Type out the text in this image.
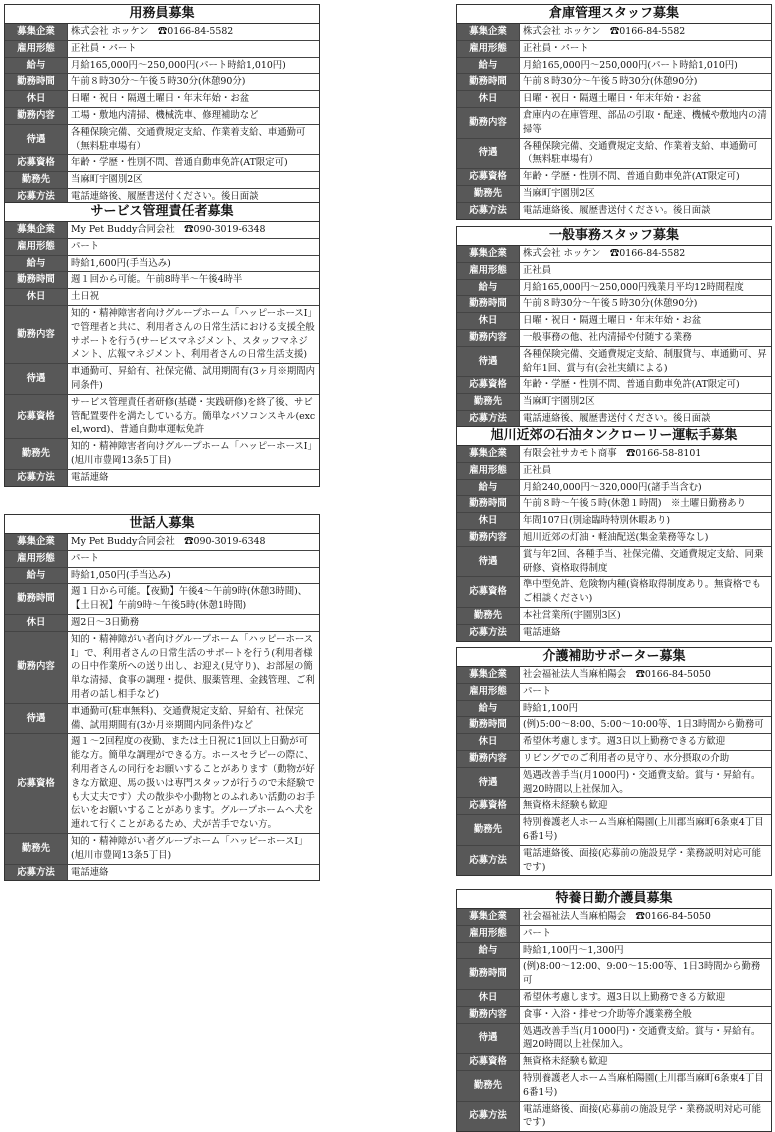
用務員募集
募集企業	株式会社 ホッケン　☎0166-84-5582
雇用形態	正社員・パート
給与	月給165,000円〜250,000円(パート時給1,010円)
勤務時間	午前８時30分〜午後５時30分(休憩90分)
休日	日曜・祝日・隔週土曜日・年末年始・お盆
勤務内容	工場・敷地内清掃、機械洗車、修理補助など
待遇	各種保険完備、交通費規定支給、作業着支給、車通勤可（無料駐車場有）
応募資格	年齢・学歴・性別不問、普通自動車免許(AT限定可)
勤務先	当麻町宇園別2区
応募方法	電話連絡後、履歴書送付ください。後日面談
サービス管理責任者募集
募集企業	My Pet Buddy合同会社　☎090-3019-6348
雇用形態	パート
給与	時給1,600円(手当込み)
勤務時間	週１回から可能。午前8時半〜午後4時半
休日	土日祝
勤務内容	知的・精神障害者向けグループホーム「ハッピーホースⅠ」で管理者と共に、利用者さんの日常生活における支援全般サポートを行う(サービスマネジメント、スタッフマネジメント、広報マネジメント、利用者さんの日常生活支援)
待遇	車通勤可、昇給有、社保完備、試用期間有(3ヶ月※期間内同条件)
応募資格	サービス管理責任者研修(基礎・実践研修)を終了後、サビ管配置要件を満たしている方。簡単なパソコンスキル(excel,word)、普通自動車運転免許
勤務先	知的・精神障害者向けグループホーム「ハッピーホースⅠ」(旭川市豊岡13条5丁目)
応募方法	電話連絡
世話人募集
募集企業	My Pet Buddy合同会社　☎090-3019-6348
雇用形態	パート
給与	時給1,050円(手当込み)
勤務時間	週１日から可能。【夜勤】午後4〜午前9時(休憩3時間)、【土日祝】午前9時〜午後5時(休憩1時間)
休日	週2日〜3日勤務
勤務内容	知的・精神障がい者向けグループホーム「ハッピーホースⅠ」で、利用者さんの日常生活のサポートを行う(利用者様の日中作業所への送り出し、お迎え(見守り)、お部屋の簡単な清掃、食事の調理・提供、服薬管理、金銭管理、ご利用者の話し相手など)
待遇	車通勤可(駐車無料)、交通費規定支給、昇給有、社保完備、試用期間有(3か月※期間内同条件)など
応募資格	週１〜2回程度の夜勤、または土日祝に1回以上日勤が可能な方。簡単な調理ができる方。ホースセラピーの際に、利用者さんの同行をお願いすることがあります（動物が好きな方歓迎、馬の扱いは専門スタッフが行うので未経験でも大丈夫です）犬の散歩や小動物とのふれあい活動のお手伝いをお願いすることがあります。グループホームへ犬を連れて行くことがあるため、犬が苦手でない方。
勤務先	知的・精神障がい者グループホーム「ハッピーホースⅠ」(旭川市豊岡13条5丁目)
応募方法	電話連絡
倉庫管理スタッフ募集
募集企業	株式会社 ホッケン　☎0166-84-5582
雇用形態	正社員・パート
給与	月給165,000円〜250,000円(パート時給1,010円)
勤務時間	午前８時30分〜午後５時30分(休憩90分)
休日	日曜・祝日・隔週土曜日・年末年始・お盆
勤務内容	倉庫内の在庫管理、部品の引取・配達、機械や敷地内の清掃等
待遇	各種保険完備、交通費規定支給、作業着支給、車通勤可（無料駐車場有）
応募資格	年齢・学歴・性別不問、普通自動車免許(AT限定可)
勤務先	当麻町宇園別2区
応募方法	電話連絡後、履歴書送付ください。後日面談
一般事務スタッフ募集
募集企業	株式会社 ホッケン　☎0166-84-5582
雇用形態	正社員
給与	月給165,000円〜250,000円残業月平均12時間程度
勤務時間	午前８時30分〜午後５時30分(休憩90分)
休日	日曜・祝日・隔週土曜日・年末年始・お盆
勤務内容	一般事務の他、社内清掃や付随する業務
待遇	各種保険完備、交通費規定支給、制服貸与、車通勤可、昇給年1回、賞与有(会社実績による)
応募資格	年齢・学歴・性別不問、普通自動車免許(AT限定可)
勤務先	当麻町宇園別2区
応募方法	電話連絡後、履歴書送付ください。後日面談
旭川近郊の石油タンクローリー運転手募集
募集企業	有限会社サカモト商事　☎0166-58-8101
雇用形態	正社員
給与	月給240,000円〜320,000円(諸手当含む)
勤務時間	午前８時〜午後５時(休憩１時間)　※土曜日勤務あり
休日	年間107日(別途臨時特別休暇あり)
勤務内容	旭川近郊の灯油・軽油配送(集金業務等なし)
待遇	賞与年2回、各種手当、社保完備、交通費規定支給、同乗研修、資格取得制度
応募資格	準中型免許、危険物内種(資格取得制度あり。無資格でもご相談ください)
勤務先	本社営業所(宇園別3区)
応募方法	電話連絡
介護補助サポーター募集
募集企業	社会福祉法人当麻柏陽会　☎0166-84-5050
雇用形態	パート
給与	時給1,100円
勤務時間	(例)5:00〜8:00、5:00〜10:00等、1日3時間から勤務可
休日	希望休考慮します。週3日以上勤務できる方歓迎
勤務内容	リビングでのご利用者の見守り、水分摂取の介助
待遇	処遇改善手当(月1000円)・交通費支給。賞与・昇給有。週20時間以上社保加入。
応募資格	無資格未経験も歓迎
勤務先	特別養護老人ホーム当麻柏陽園(上川郡当麻町6条東4丁目6番1号)
応募方法	電話連絡後、面接(応募前の施設見学・業務説明対応可能です)
特養日勤介護員募集
募集企業	社会福祉法人当麻柏陽会　☎0166-84-5050
雇用形態	パート
給与	時給1,100円〜1,300円
勤務時間	(例)8:00〜12:00、9:00〜15:00等、1日3時間から勤務可
休日	希望休考慮します。週3日以上勤務できる方歓迎
勤務内容	食事・入浴・排せつ介助等介護業務全般
待遇	処遇改善手当(月1000円)・交通費支給。賞与・昇給有。週20時間以上社保加入。
応募資格	無資格未経験も歓迎
勤務先	特別養護老人ホーム当麻柏陽園(上川郡当麻町6条東4丁目6番1号)
応募方法	電話連絡後、面接(応募前の施設見学・業務説明対応可能です)
